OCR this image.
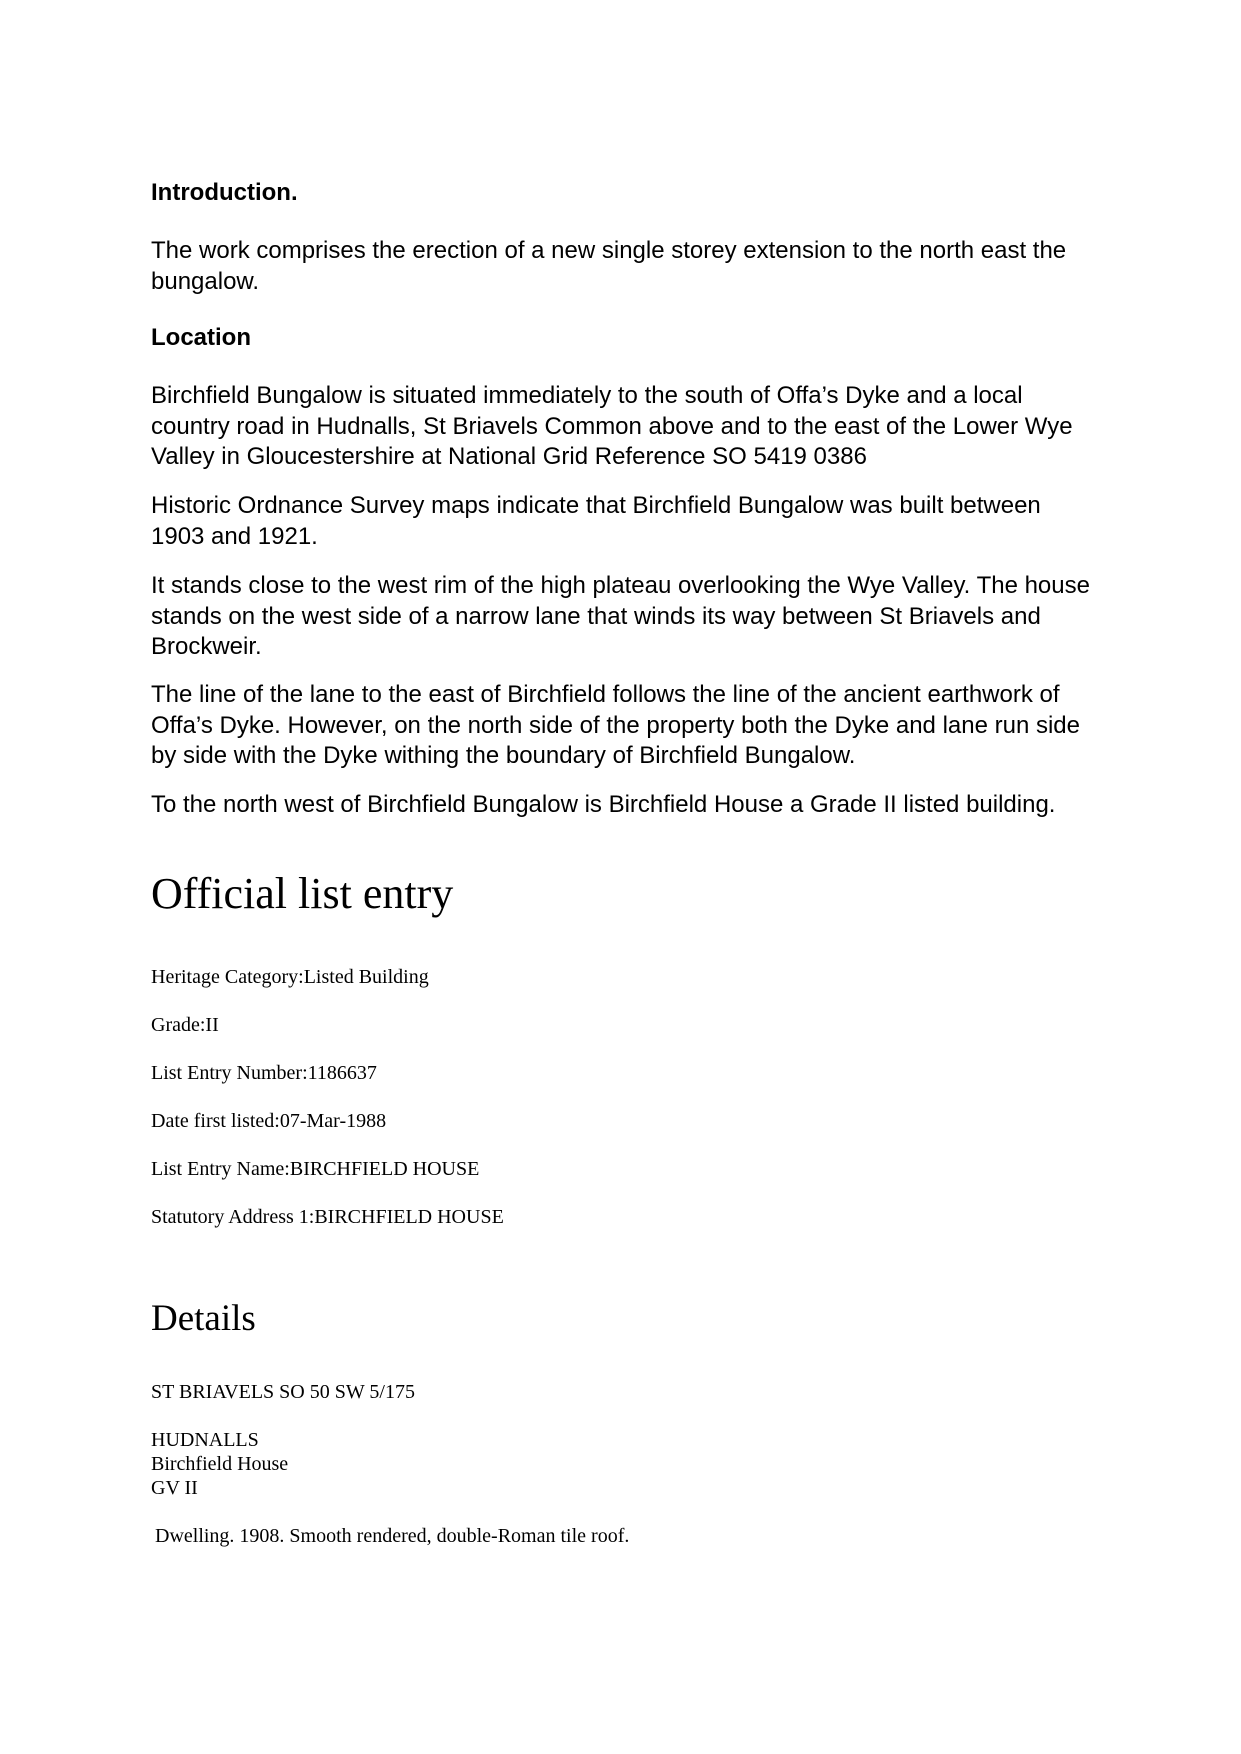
Introduction.

The work comprises the erection of a new single storey extension to the north east the bungalow.

Location

Birchfield Bungalow is situated immediately to the south of Offa’s Dyke and a local country road in Hudnalls, St Briavels Common above and to the east of the Lower Wye Valley in Gloucestershire at National Grid Reference SO 5419 0386

Historic Ordnance Survey maps indicate that Birchfield Bungalow was built between 1903 and 1921.

It stands close to the west rim of the high plateau overlooking the Wye Valley. The house stands on the west side of a narrow lane that winds its way between St Briavels and Brockweir.

The line of the lane to the east of Birchfield follows the line of the ancient earthwork of Offa’s Dyke. However, on the north side of the property both the Dyke and lane run side by side with the Dyke withing the boundary of Birchfield Bungalow.

To the north west of Birchfield Bungalow is Birchfield House a Grade II listed building.

Official list entry
Heritage Category:Listed Building
Grade:II
List Entry Number:1186637
Date first listed:07-Mar-1988
List Entry Name:BIRCHFIELD HOUSE
Statutory Address 1:BIRCHFIELD HOUSE
Details
ST BRIAVELS SO 50 SW 5/175
HUDNALLS
Birchfield House
GV II
Dwelling. 1908. Smooth rendered, double-Roman tile roof.
